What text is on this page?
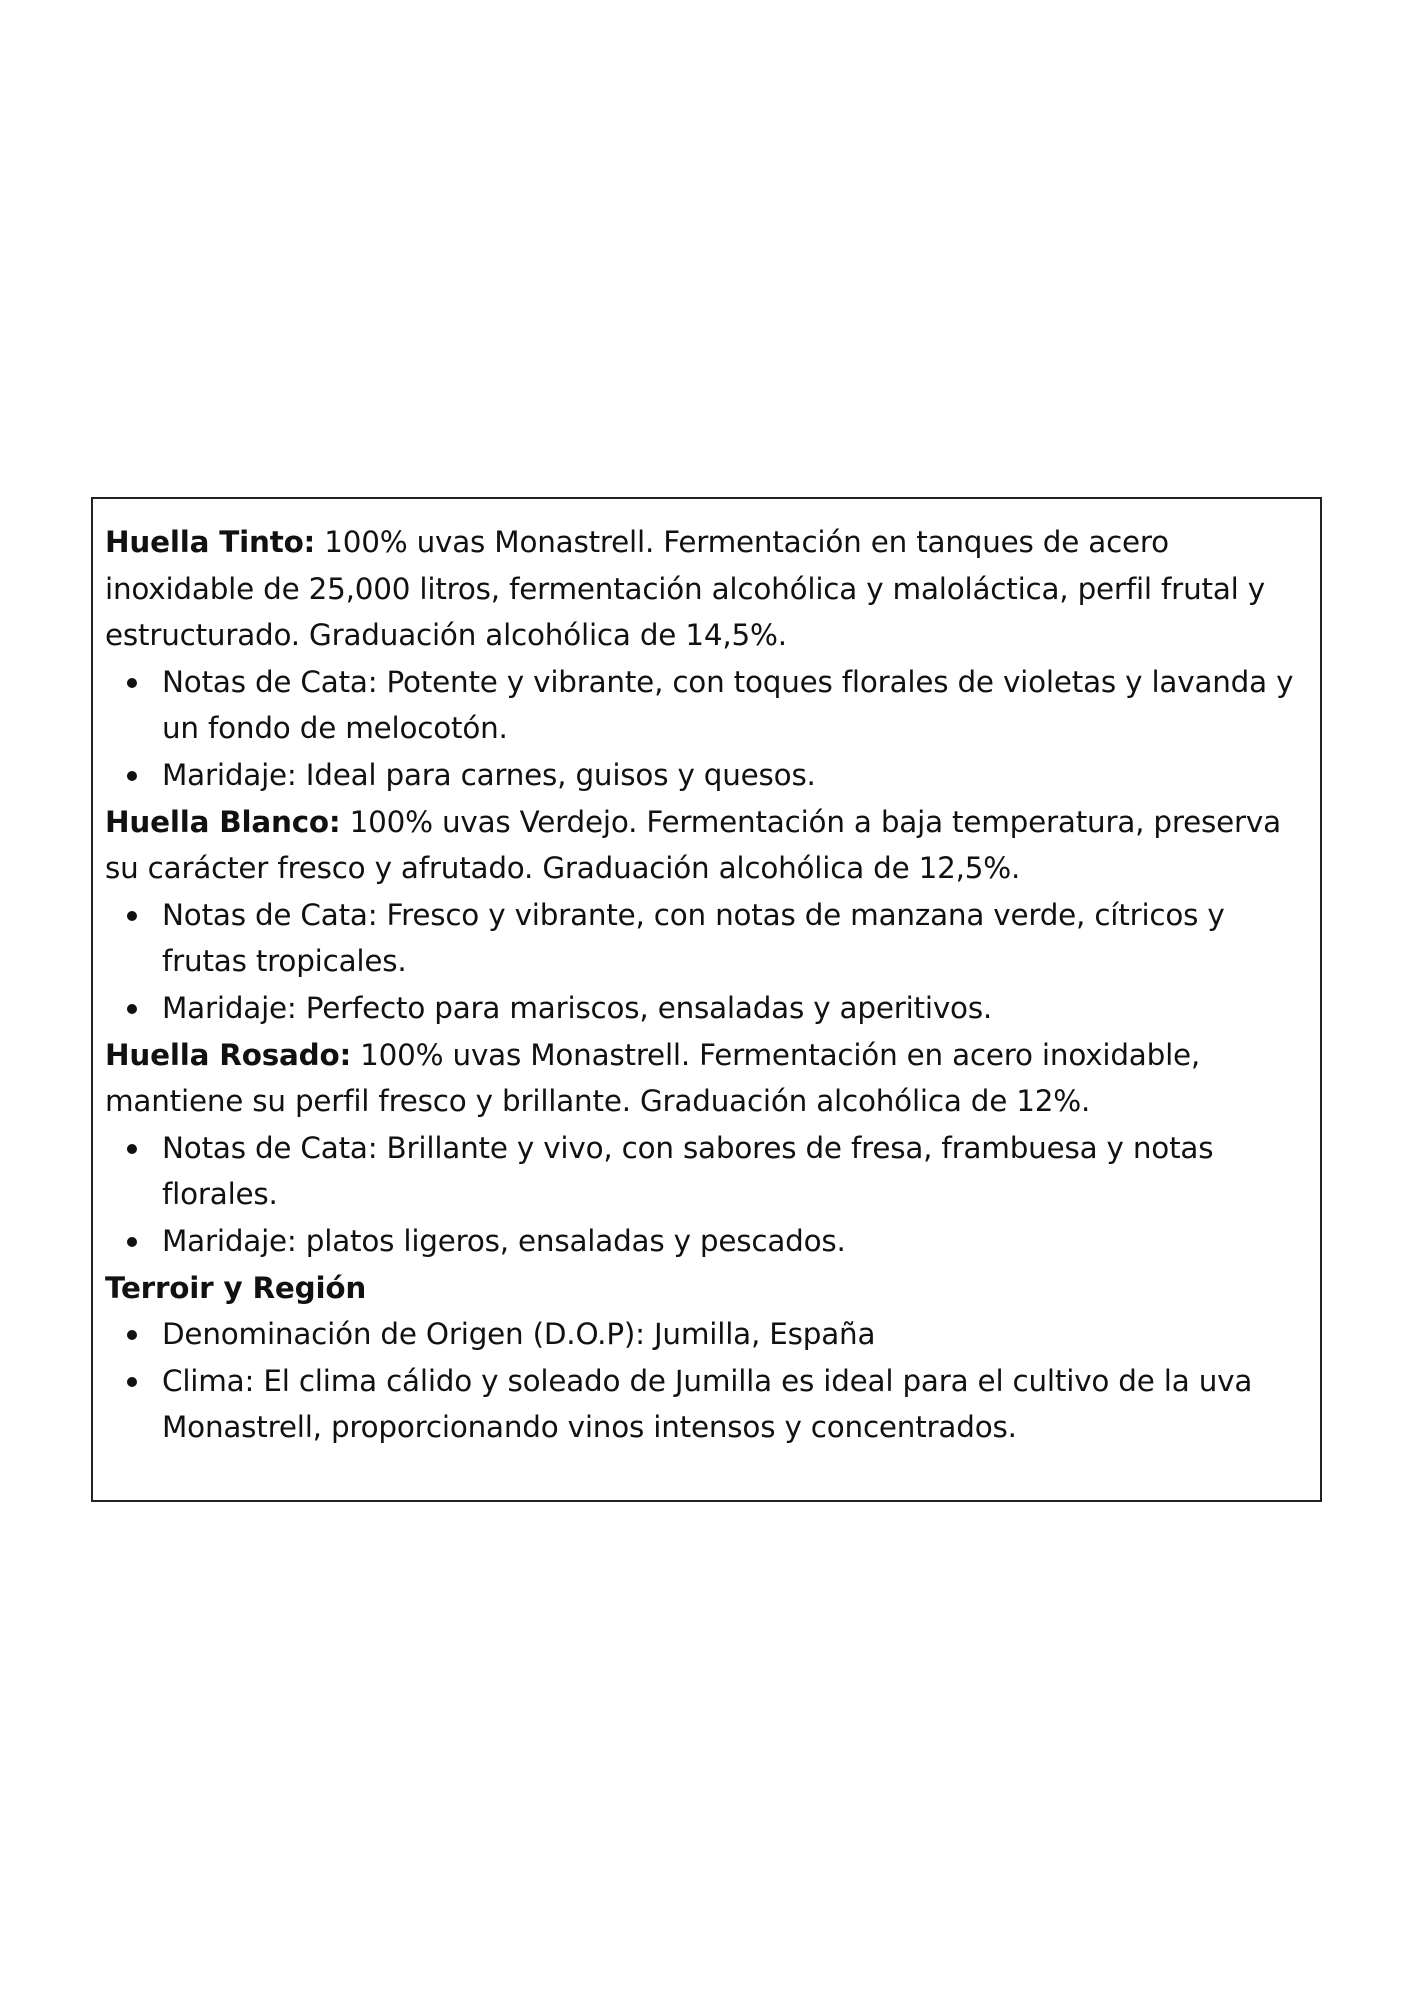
Huella Tinto: 100% uvas Monastrell. Fermentación en tanques de acero inoxidable de 25,000 litros, fermentación alcohólica y maloláctica, perfil frutal y estructurado. Graduación alcohólica de 14,5%.

Notas de Cata: Potente y vibrante, con toques florales de violetas y lavanda y un fondo de melocotón.
Maridaje: Ideal para carnes, guisos y quesos.

Huella Blanco: 100% uvas Verdejo. Fermentación a baja temperatura, preserva su carácter fresco y afrutado. Graduación alcohólica de 12,5%.

Notas de Cata: Fresco y vibrante, con notas de manzana verde, cítricos y frutas tropicales.
Maridaje: Perfecto para mariscos, ensaladas y aperitivos.

Huella Rosado: 100% uvas Monastrell. Fermentación en acero inoxidable, mantiene su perfil fresco y brillante. Graduación alcohólica de 12%.

Notas de Cata: Brillante y vivo, con sabores de fresa, frambuesa y notas florales.
Maridaje: platos ligeros, ensaladas y pescados.

Terroir y Región

Denominación de Origen (D.O.P): Jumilla, España
Clima: El clima cálido y soleado de Jumilla es ideal para el cultivo de la uva Monastrell, proporcionando vinos intensos y concentrados.
